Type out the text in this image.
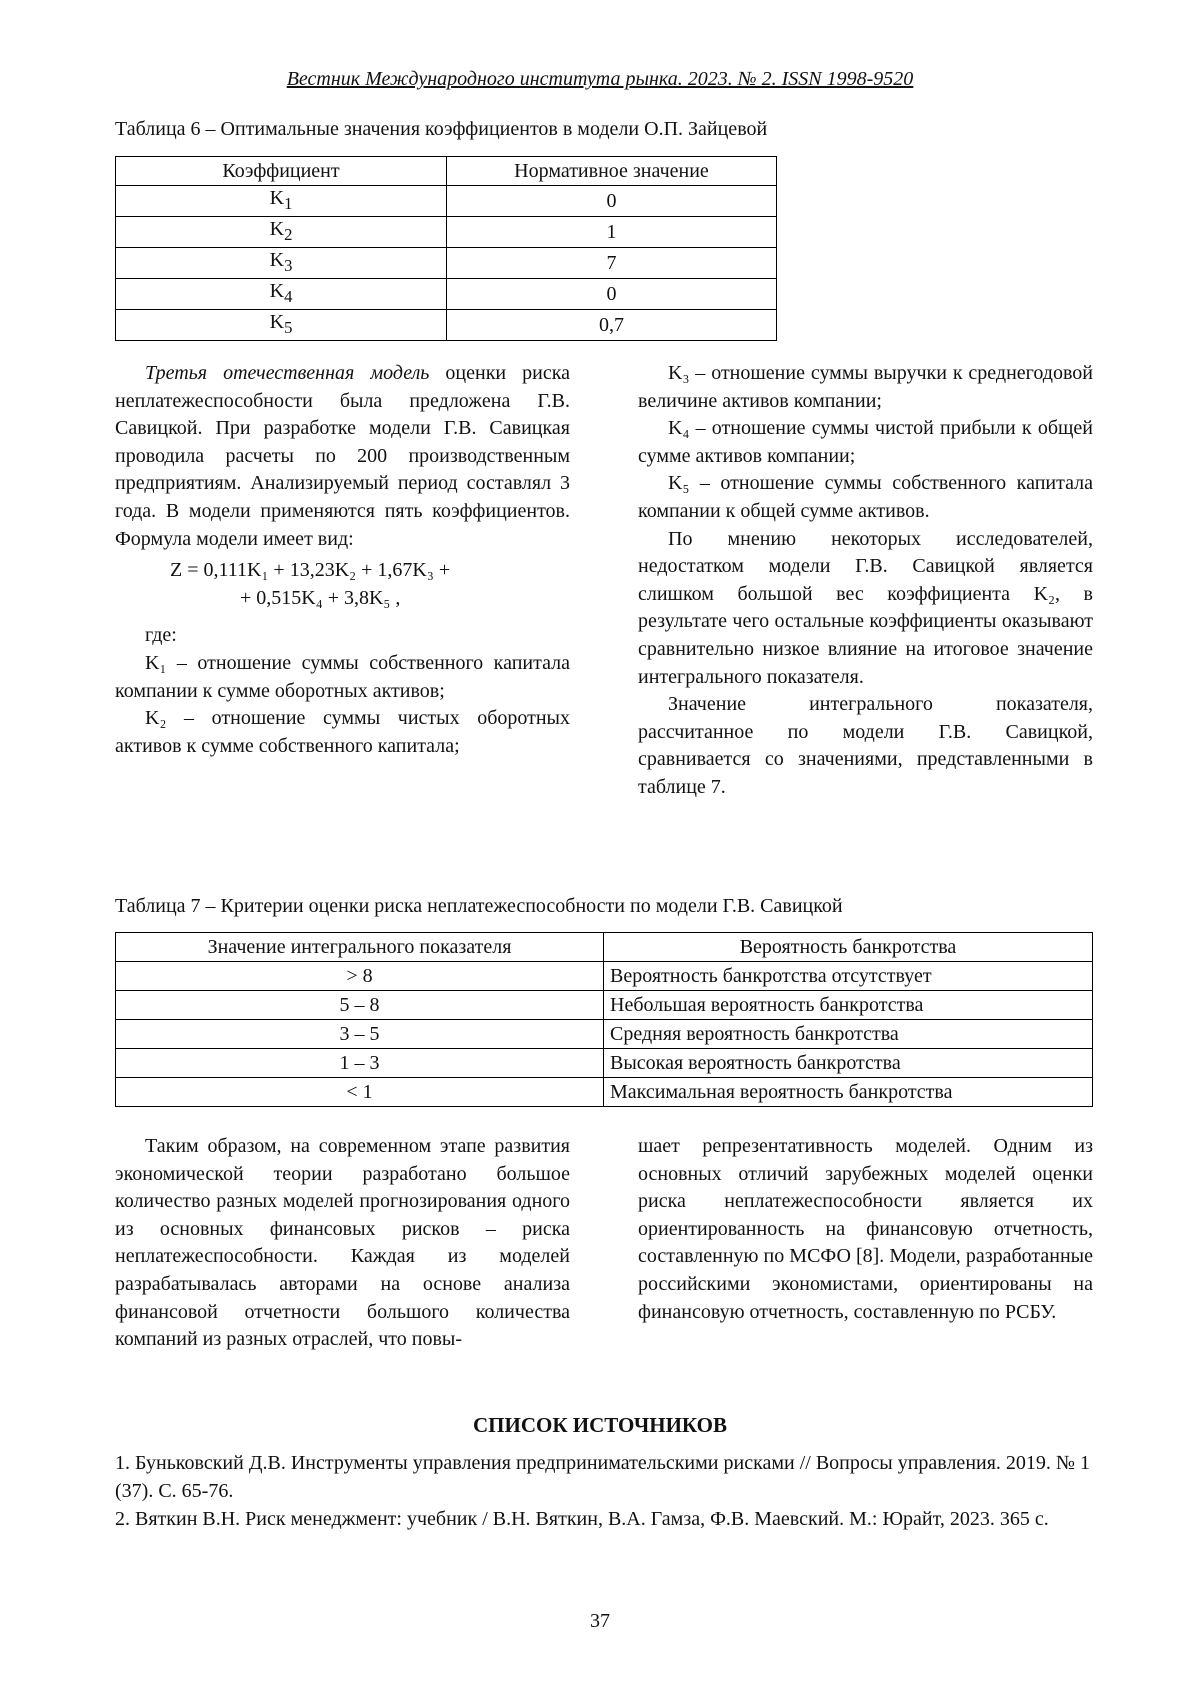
Вестник Международного института рынка. 2023. № 2. ISSN 1998-9520
Таблица 6 – Оптимальные значения коэффициентов в модели О.П. Зайцевой
Коэффициент	Нормативное значение
$K_1$	0
$K_2$	1
$K_3$	7
$K_4$	0
$K_5$	0,7

Третья отечественная модель оценки риска неплатежеспособности была предложена Г.В. Савицкой. При разработке модели Г.В. Савицкая проводила расчеты по 200 производственным предприятиям. Анализируемый период составлял 3 года. В модели применяются пять коэффициентов. Формула модели имеет вид:

Z = 0,111K₁ + 13,23K₂ + 1,67K₃ +

+ 0,515K₄ + 3,8K₅ ,

где:

K₁ – отношение суммы собственного капитала компании к сумме оборотных активов;

K₂ – отношение суммы чистых оборотных активов к сумме собственного капитала;

K₃ – отношение суммы выручки к среднегодовой величине активов компании;

K₄ – отношение суммы чистой прибыли к общей сумме активов компании;

K₅ – отношение суммы собственного капитала компании к общей сумме активов.

По мнению некоторых исследователей, недостатком модели Г.В. Савицкой является слишком большой вес коэффициента K₂, в результате чего остальные коэффициенты оказывают сравнительно низкое влияние на итоговое значение интегрального показателя.

Значение интегрального показателя, рассчитанное по модели Г.В. Савицкой, сравнивается со значениями, представленными в таблице 7.

Таблица 7 – Критерии оценки риска неплатежеспособности по модели Г.В. Савицкой
Значение интегрального показателя	Вероятность банкротства
> 8	Вероятность банкротства отсутствует
5 – 8	Небольшая вероятность банкротства
3 – 5	Средняя вероятность банкротства
1 – 3	Высокая вероятность банкротства
< 1	Максимальная вероятность банкротства

Таким образом, на современном этапе развития экономической теории разработано большое количество разных моделей прогнозирования одного из основных финансовых рисков – риска неплатежеспособности. Каждая из моделей разрабатывалась авторами на основе анализа финансовой отчетности большого количества компаний из разных отраслей, что повы-

шает репрезентативность моделей. Одним из основных отличий зарубежных моделей оценки риска неплатежеспособности является их ориентированность на финансовую отчетность, составленную по МСФО [8]. Модели, разработанные российскими экономистами, ориентированы на финансовую отчетность, составленную по РСБУ.

СПИСОК ИСТОЧНИКОВ
1. Буньковский Д.В. Инструменты управления предпринимательскими рисками // Вопросы управления. 2019. № 1 (37). С. 65-76.
2. Вяткин В.Н. Риск менеджмент: учебник / В.Н. Вяткин, В.А. Гамза, Ф.В. Маевский. М.: Юрайт, 2023. 365 с.
37
